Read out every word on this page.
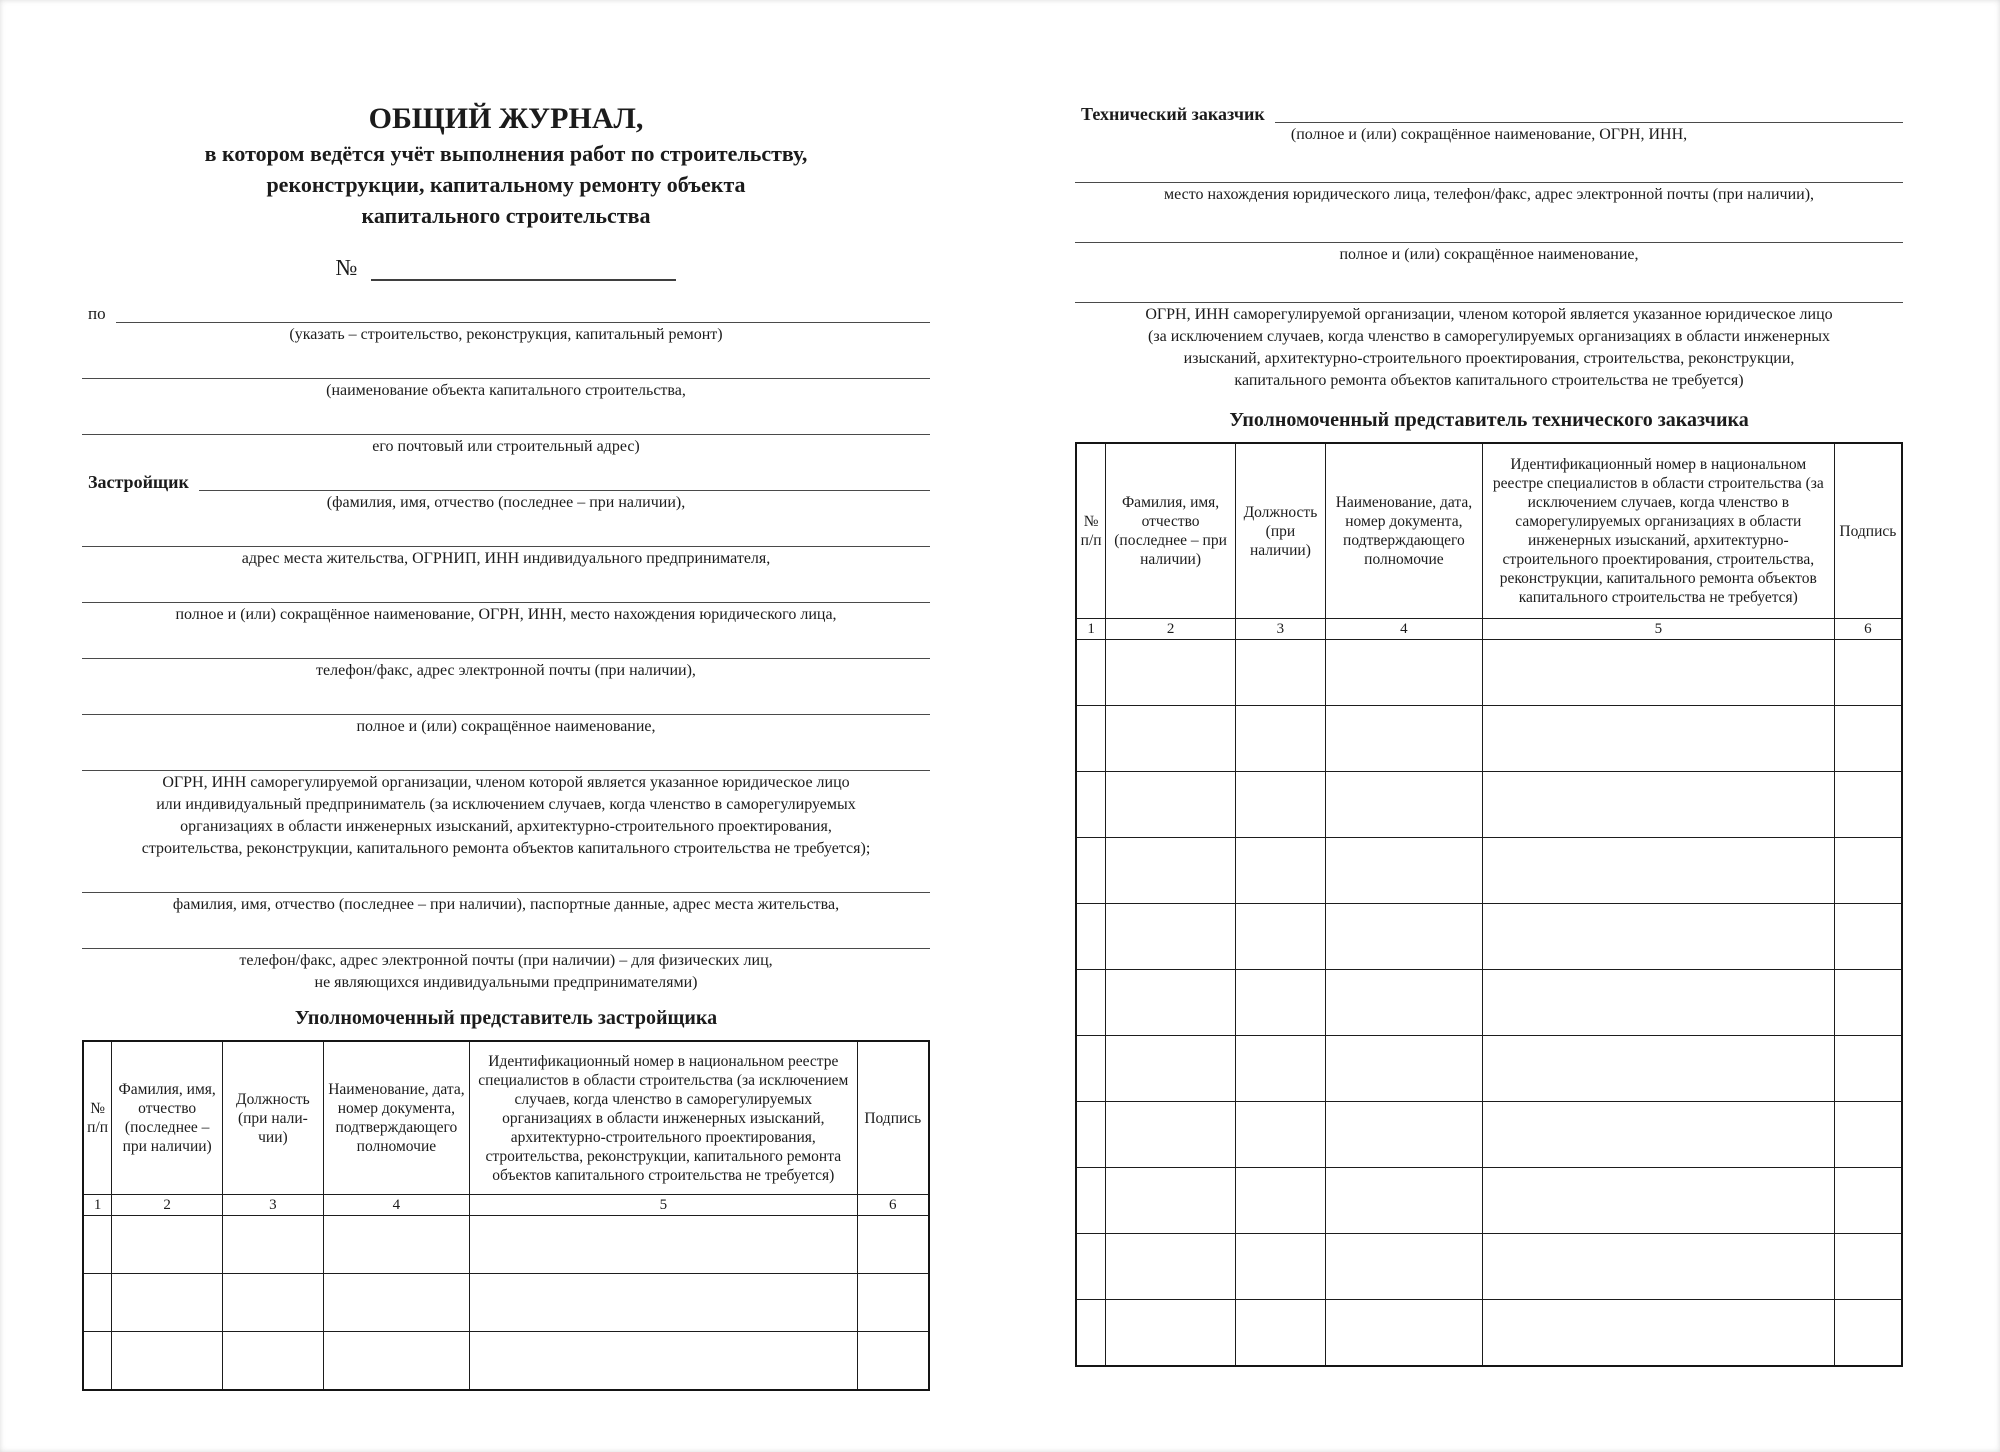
ОБЩИЙ ЖУРНАЛ,
в котором ведётся учёт выполнения работ по строительству,
реконструкции, капитальному ремонту объекта
капитального строительства
№
по
(указать – строительство, реконструкция, капитальный ремонт)
(наименование объекта капитального строительства,
его почтовый или строительный адрес)
Застройщик
(фамилия, имя, отчество (последнее – при наличии),
адрес места жительства, ОГРНИП, ИНН индивидуального предпринимателя,
полное и (или) сокращённое наименование, ОГРН, ИНН, место нахождения юридического лица,
телефон/факс, адрес электронной почты (при наличии),
полное и (или) сокращённое наименование,
ОГРН, ИНН саморегулируемой организации, членом которой является указанное юридическое лицо
или индивидуальный предприниматель (за исключением случаев, когда членство в саморегулируемых
организациях в области инженерных изысканий, архитектурно-строительного проектирования,
строительства, реконструкции, капитального ремонта объектов капитального строительства не требуется);
фамилия, имя, отчество (последнее – при наличии), паспортные данные, адрес места жительства,
телефон/факс, адрес электронной почты (при наличии) – для физических лиц,
не являющихся индивидуальными предпринимателями)
Уполномоченный представитель застройщика
№ п/п	Фамилия, имя, отчество (последнее – при наличии)	Должность (при нали- чии)	Наименование, дата, номер документа, подтверждающего полномочие	Идентификационный номер в национальном реестре специалистов в области строительства (за исключением случаев, когда членство в саморегулируемых организациях в области инженерных изысканий, архитектурно-строительного проектирования, строительства, реконструкции, капитального ремонта объектов капитального строительства не требуется)	Подпись
1	2	3	4	5	6

Технический заказчик
(полное и (или) сокращённое наименование, ОГРН, ИНН,
место нахождения юридического лица, телефон/факс, адрес электронной почты (при наличии),
полное и (или) сокращённое наименование,
ОГРН, ИНН саморегулируемой организации, членом которой является указанное юридическое лицо
(за исключением случаев, когда членство в саморегулируемых организациях в области инженерных
изысканий, архитектурно-строительного проектирования, строительства, реконструкции,
капитального ремонта объектов капитального строительства не требуется)
Уполномоченный представитель технического заказчика
№ п/п	Фамилия, имя, отчество (последнее – при наличии)	Должность (при наличии)	Наименование, дата, номер документа, подтверждающего полномочие	Идентификационный номер в национальном реестре специалистов в области строительства (за исключением случаев, когда членство в саморегулируемых организациях в области инженерных изысканий, архитектурно-строительного проектирования, строительства, реконструкции, капитального ремонта объектов капитального строительства не требуется)	Подпись
1	2	3	4	5	6
